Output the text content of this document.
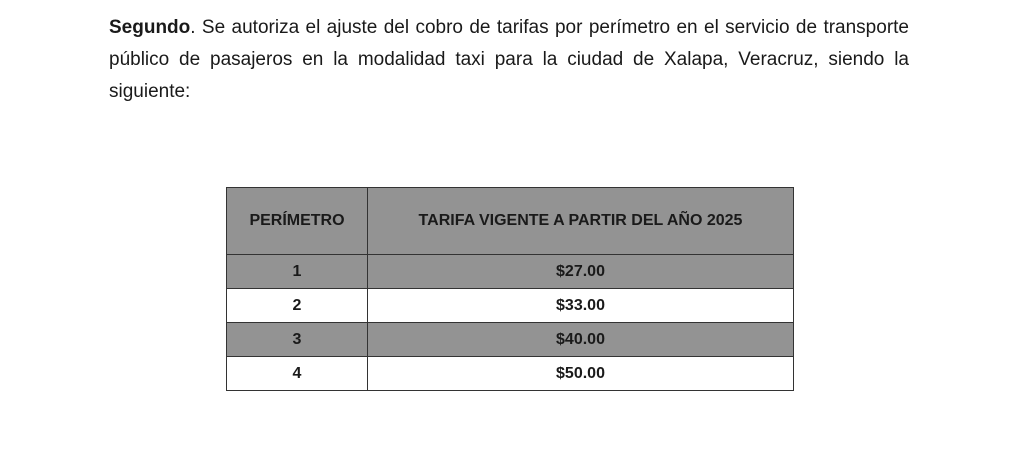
Segundo. Se autoriza el ajuste del cobro de tarifas por perímetro en el servicio de transporte público de pasajeros en la modalidad taxi para la ciudad de Xalapa, Veracruz, siendo la siguiente:

PERÍMETRO	TARIFA VIGENTE A PARTIR DEL AÑO 2025
1	$27.00
2	$33.00
3	$40.00
4	$50.00
